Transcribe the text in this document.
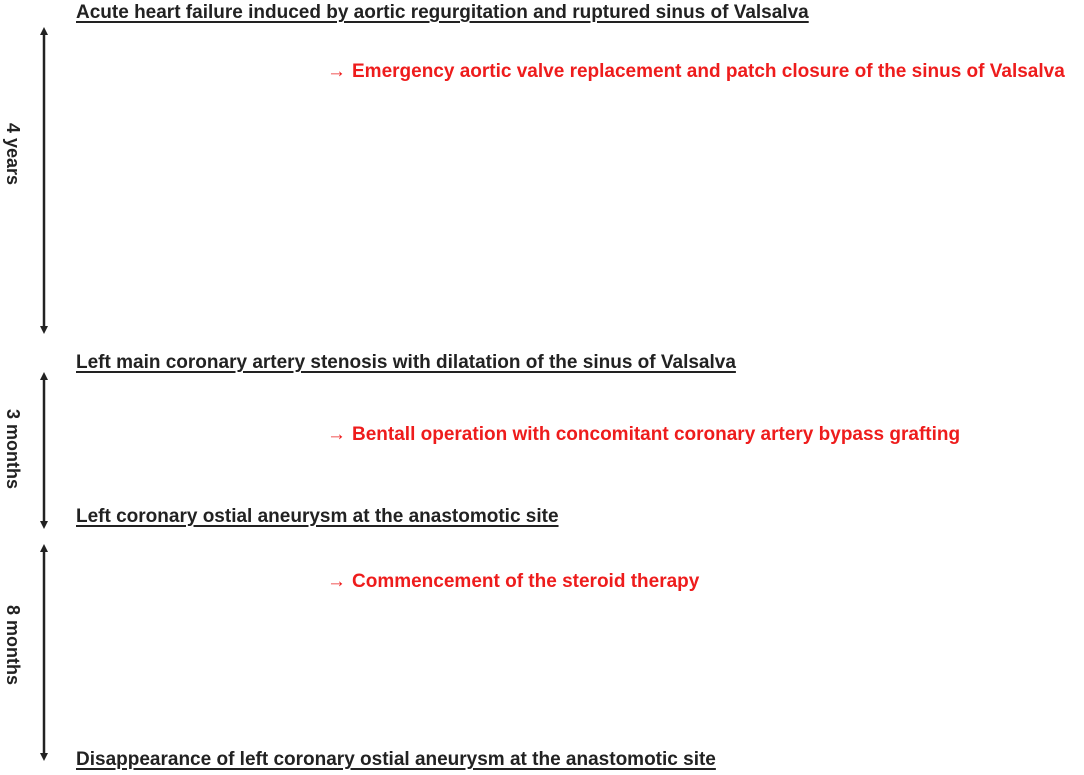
4 years
3 months
8 months
Acute heart failure induced by aortic regurgitation and ruptured sinus of Valsalva
→ Emergency aortic valve replacement and patch closure of the sinus of Valsalva
Left main coronary artery stenosis with dilatation of the sinus of Valsalva
→ Bentall operation with concomitant coronary artery bypass grafting
Left coronary ostial aneurysm at the anastomotic site
→ Commencement of the steroid therapy
Disappearance of left coronary ostial aneurysm at the anastomotic site
